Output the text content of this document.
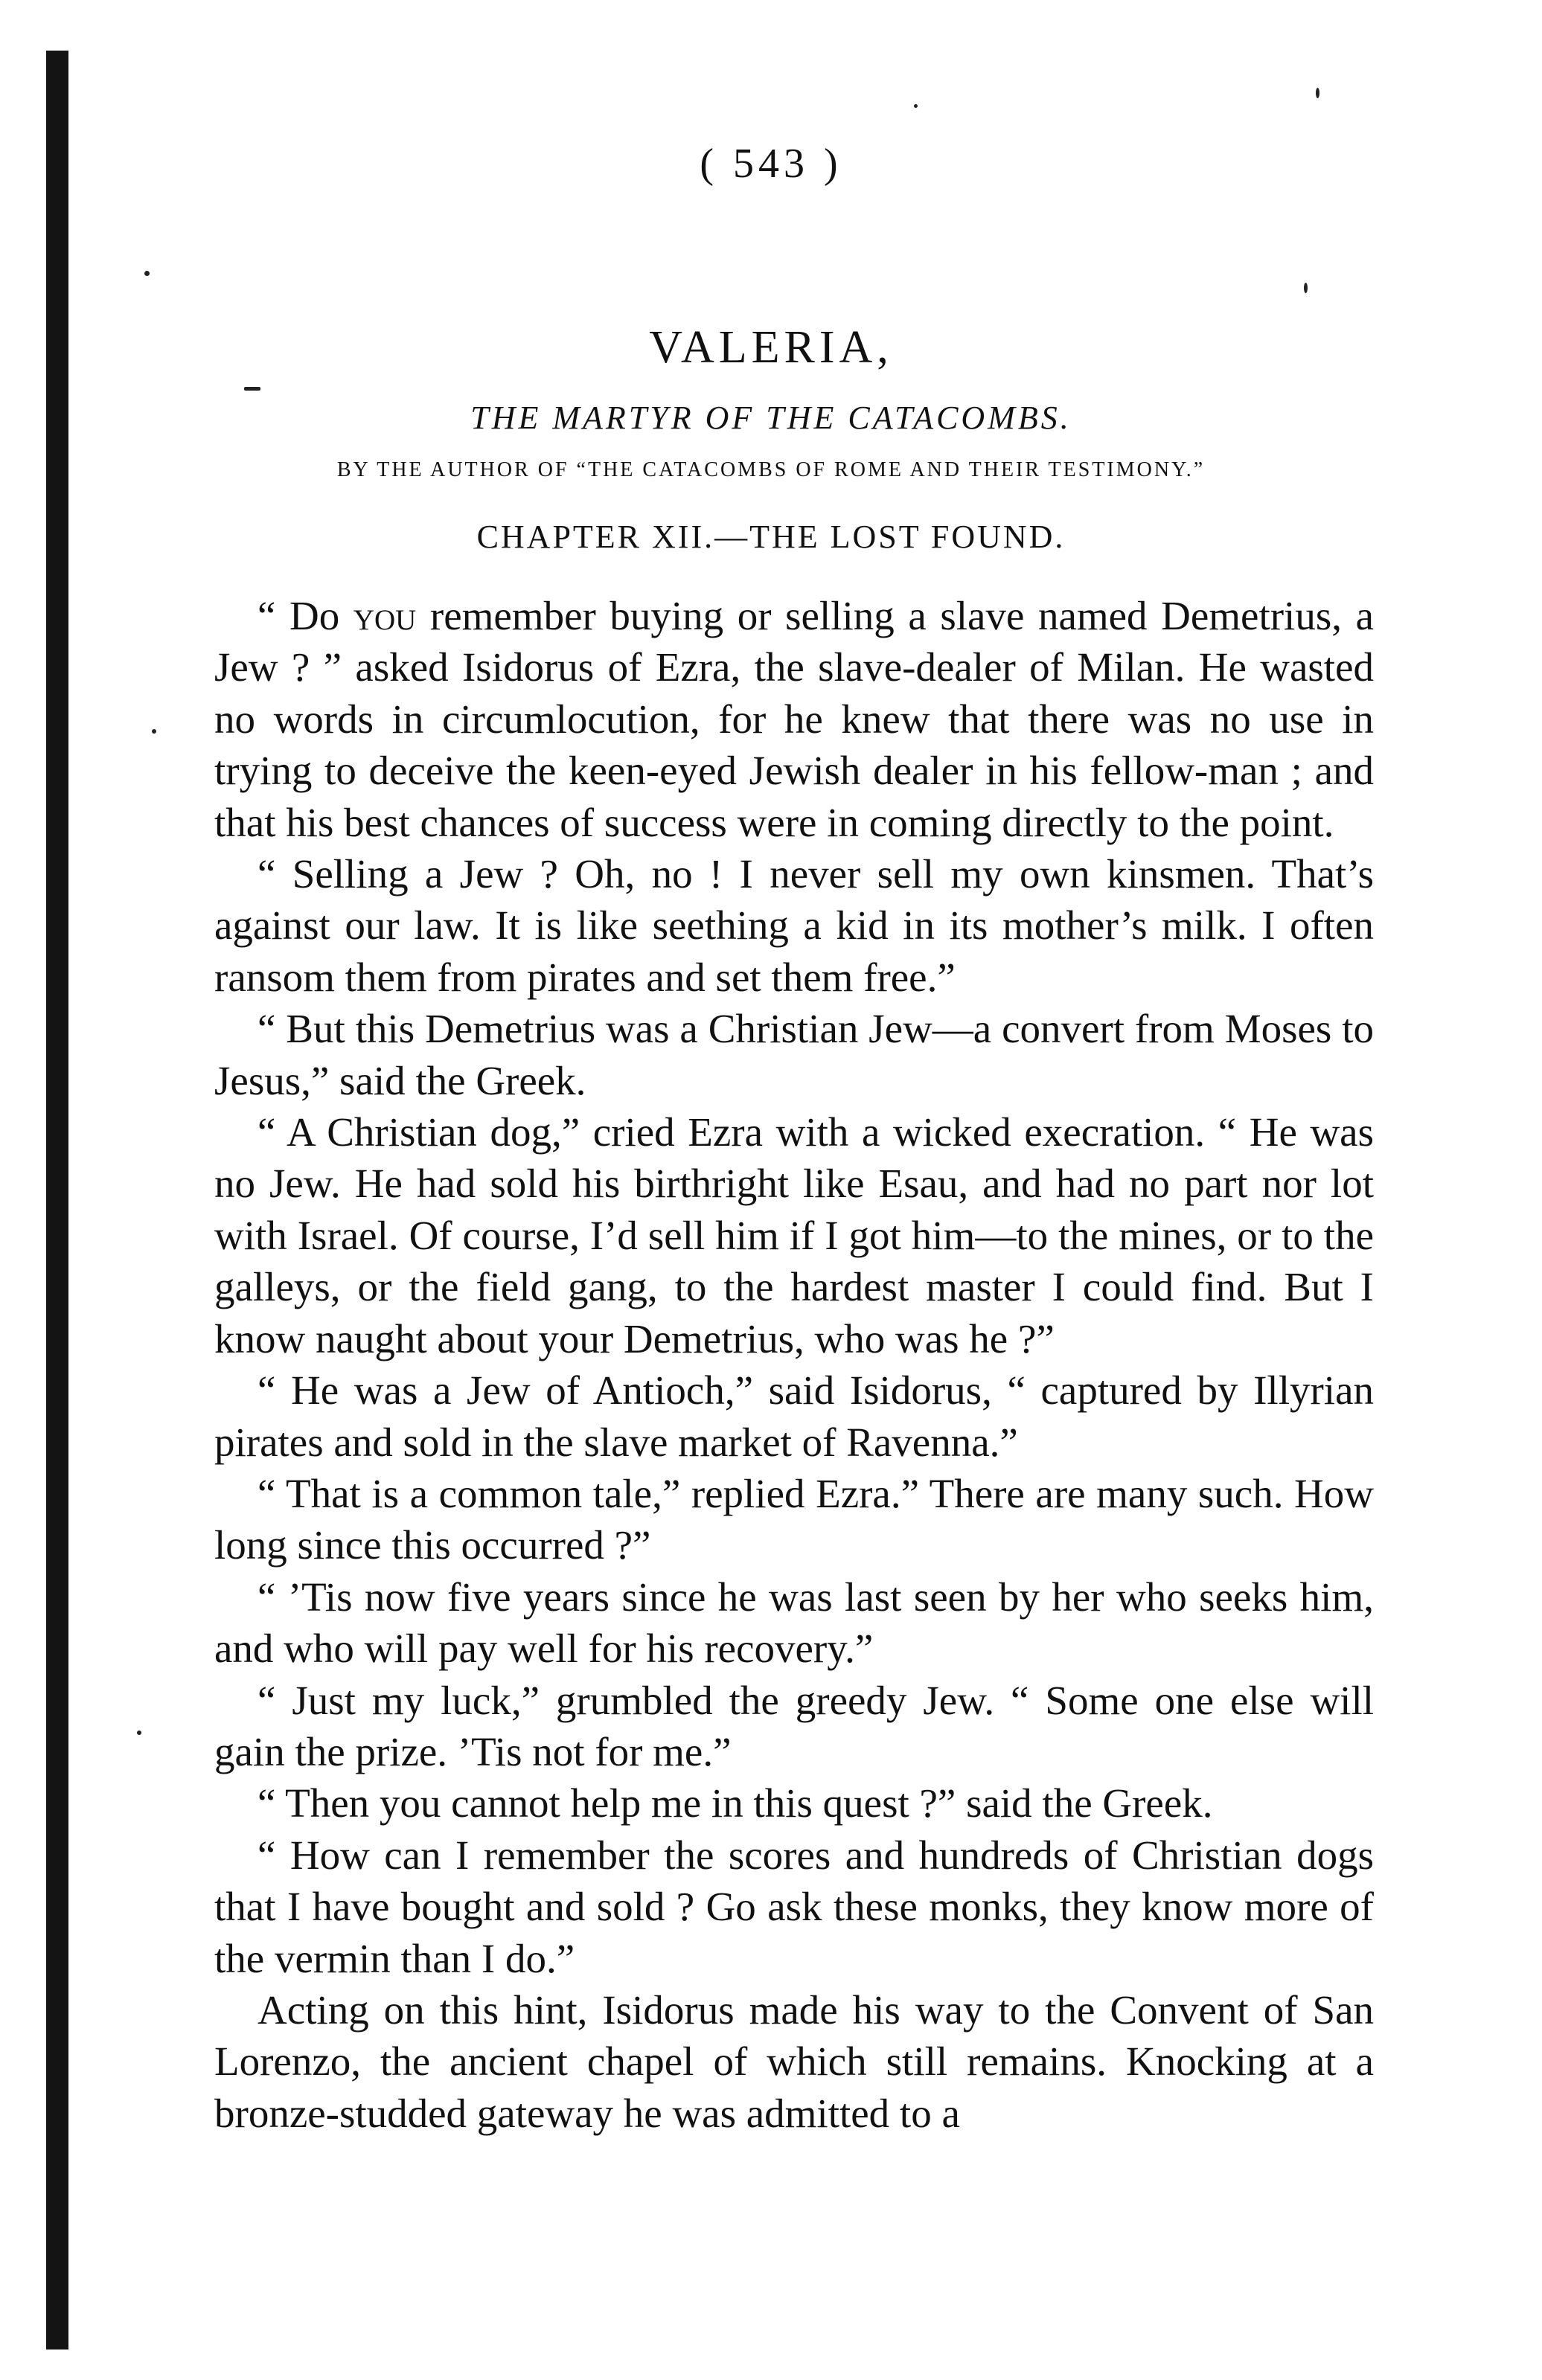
( 543 )
VALERIA,
THE MARTYR OF THE CATACOMBS.
BY THE AUTHOR OF “THE CATACOMBS OF ROME AND THEIR TESTIMONY.”
CHAPTER XII.—THE LOST FOUND.

“ Do you remember buying or selling a slave named Demetrius, a Jew ? ” asked Isidorus of Ezra, the slave-dealer of Milan. He wasted no words in circumlocution, for he knew that there was no use in trying to deceive the keen-eyed Jewish dealer in his fellow-man ; and that his best chances of success were in coming directly to the point.

“ Selling a Jew ? Oh, no ! I never sell my own kinsmen. That’s against our law. It is like seething a kid in its mother’s milk. I often ransom them from pirates and set them free.”

“ But this Demetrius was a Christian Jew—a convert from Moses to Jesus,” said the Greek.

“ A Christian dog,” cried Ezra with a wicked execration. “ He was no Jew. He had sold his birthright like Esau, and had no part nor lot with Israel. Of course, I’d sell him if I got him—to the mines, or to the galleys, or the field gang, to the hardest master I could find. But I know naught about your Demetrius, who was he ?”

“ He was a Jew of Antioch,” said Isidorus, “ captured by Illyrian pirates and sold in the slave market of Ravenna.”

“ That is a common tale,” replied Ezra.” There are many such. How long since this occurred ?”

“ ’Tis now five years since he was last seen by her who seeks him, and who will pay well for his recovery.”

“ Just my luck,” grumbled the greedy Jew. “ Some one else will gain the prize. ’Tis not for me.”

“ Then you cannot help me in this quest ?” said the Greek.

“ How can I remember the scores and hundreds of Christian dogs that I have bought and sold ? Go ask these monks, they know more of the vermin than I do.”

Acting on this hint, Isidorus made his way to the Convent of San Lorenzo, the ancient chapel of which still remains. Knocking at a bronze-studded gateway he was admitted to a
